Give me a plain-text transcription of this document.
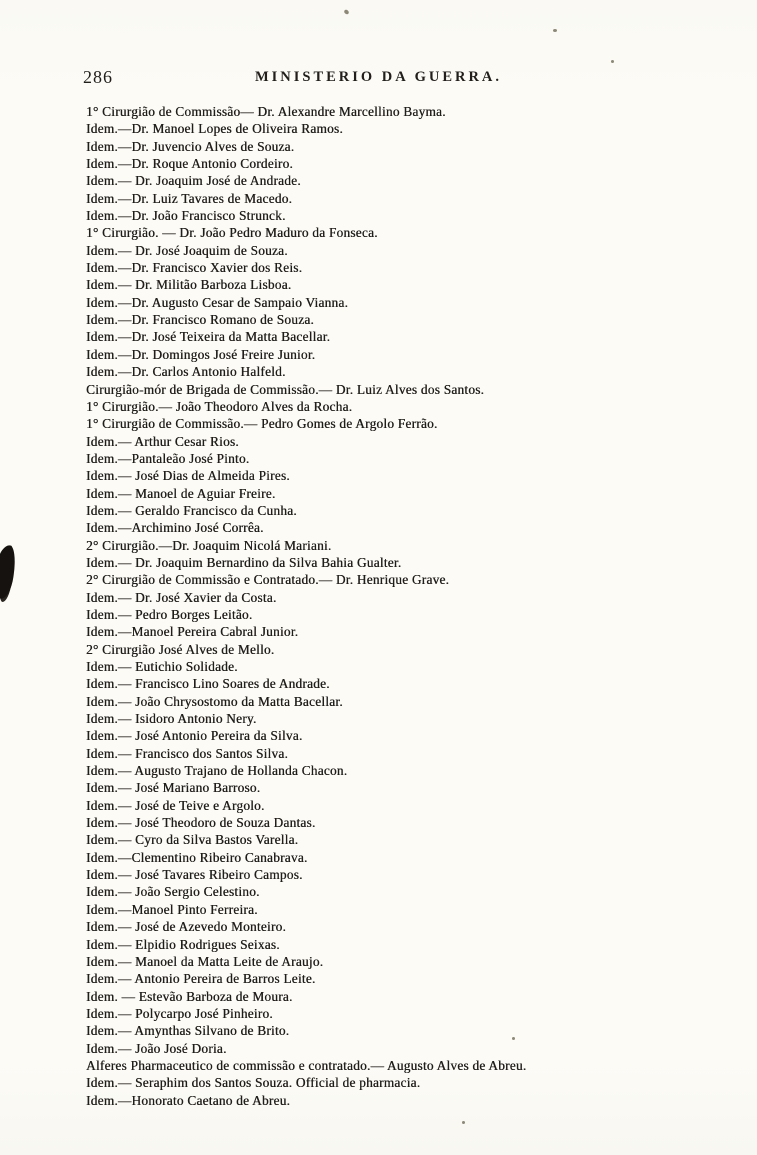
286	MINISTERIO DA GUERRA.
1° Cirurgião de Commissão— Dr. Alexandre Marcellino Bayma.
Idem.—Dr. Manoel Lopes de Oliveira Ramos.
Idem.—Dr. Juvencio Alves de Souza.
Idem.—Dr. Roque Antonio Cordeiro.
Idem.— Dr. Joaquim José de Andrade.
Idem.—Dr. Luiz Tavares de Macedo.
Idem.—Dr. João Francisco Strunck.
1° Cirurgião. — Dr. João Pedro Maduro da Fonseca.
Idem.— Dr. José Joaquim de Souza.
Idem.—Dr. Francisco Xavier dos Reis.
Idem.— Dr. Militão Barboza Lisboa.
Idem.—Dr. Augusto Cesar de Sampaio Vianna.
Idem.—Dr. Francisco Romano de Souza.
Idem.—Dr. José Teixeira da Matta Bacellar.
Idem.—Dr. Domingos José Freire Junior.
Idem.—Dr. Carlos Antonio Halfeld.
Cirurgião-mór de Brigada de Commissão.— Dr. Luiz Alves dos Santos.
1° Cirurgião.— João Theodoro Alves da Rocha.
1° Cirurgião de Commissão.— Pedro Gomes de Argolo Ferrão.
Idem.— Arthur Cesar Rios.
Idem.—Pantaleão José Pinto.
Idem.— José Dias de Almeida Pires.
Idem.— Manoel de Aguiar Freire.
Idem.— Geraldo Francisco da Cunha.
Idem.—Archimino José Corrêa.
2° Cirurgião.—Dr. Joaquim Nicolá Mariani.
Idem.— Dr. Joaquim Bernardino da Silva Bahia Gualter.
2° Cirurgião de Commissão e Contratado.— Dr. Henrique Grave.
Idem.— Dr. José Xavier da Costa.
Idem.— Pedro Borges Leitão.
Idem.—Manoel Pereira Cabral Junior.
2° Cirurgião José Alves de Mello.
Idem.— Eutichio Solidade.
Idem.— Francisco Lino Soares de Andrade.
Idem.— João Chrysostomo da Matta Bacellar.
Idem.— Isidoro Antonio Nery.
Idem.— José Antonio Pereira da Silva.
Idem.— Francisco dos Santos Silva.
Idem.— Augusto Trajano de Hollanda Chacon.
Idem.— José Mariano Barroso.
Idem.— José de Teive e Argolo.
Idem.— José Theodoro de Souza Dantas.
Idem.— Cyro da Silva Bastos Varella.
Idem.—Clementino Ribeiro Canabrava.
Idem.— José Tavares Ribeiro Campos.
Idem.— João Sergio Celestino.
Idem.—Manoel Pinto Ferreira.
Idem.— José de Azevedo Monteiro.
Idem.— Elpidio Rodrigues Seixas.
Idem.— Manoel da Matta Leite de Araujo.
Idem.— Antonio Pereira de Barros Leite.
Idem. — Estevão Barboza de Moura.
Idem.— Polycarpo José Pinheiro.
Idem.— Amynthas Silvano de Brito.
Idem.— João José Doria.
Alferes Pharmaceutico de commissão e contratado.— Augusto Alves de Abreu.
Idem.— Seraphim dos Santos Souza. Official de pharmacia.
Idem.—Honorato Caetano de Abreu.
